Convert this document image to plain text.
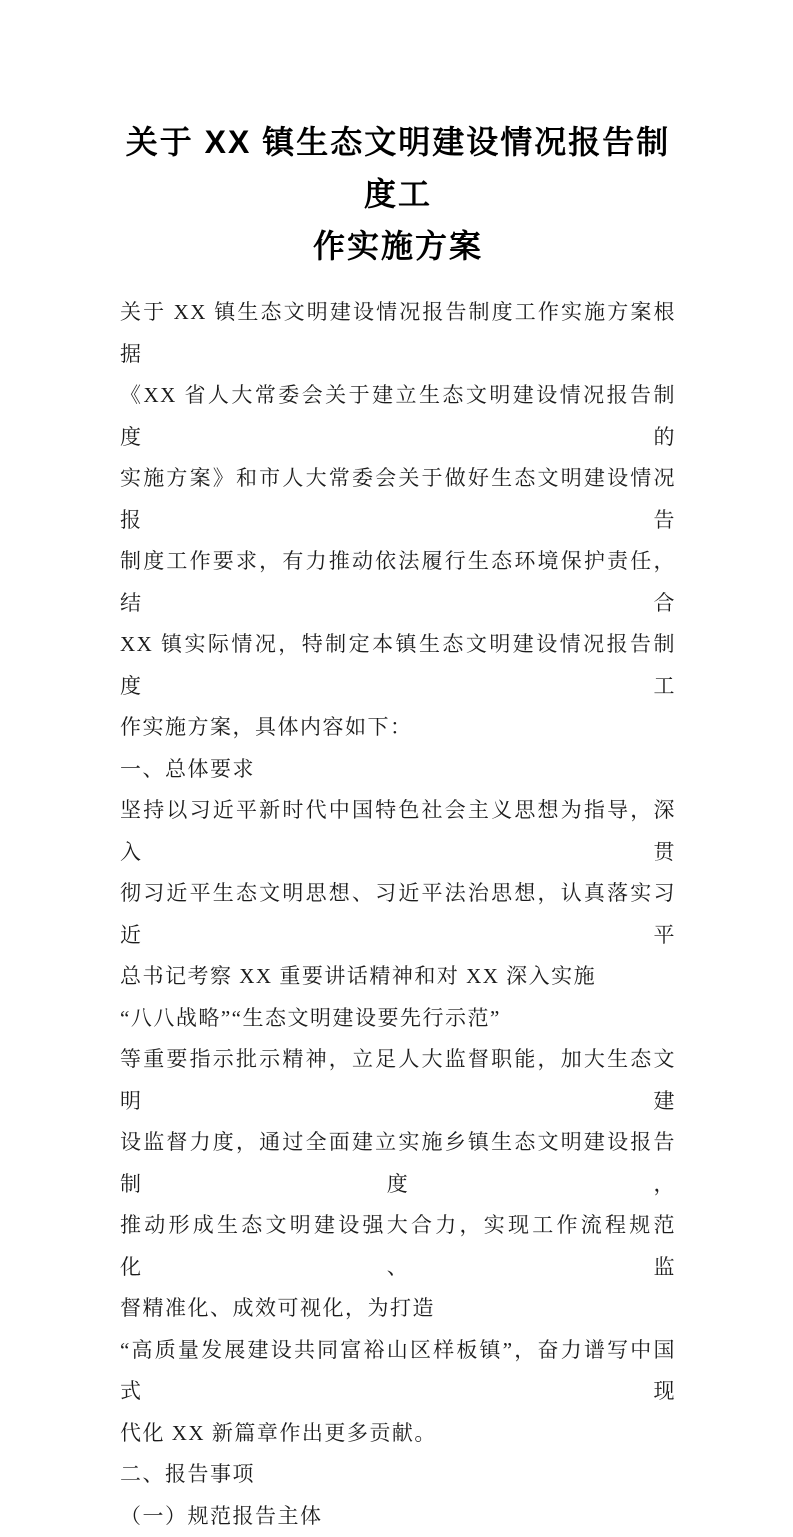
关于 XX 镇生态文明建设情况报告制度工
作实施方案
关于 XX 镇生态文明建设情况报告制度工作实施方案根据
《XX 省人大常委会关于建立生态文明建设情况报告制度的
实施方案》和市人大常委会关于做好生态文明建设情况报告
制度工作要求，有力推动依法履行生态环境保护责任，结合
XX 镇实际情况，特制定本镇生态文明建设情况报告制度工
作实施方案，具体内容如下：
一、总体要求
坚持以习近平新时代中国特色社会主义思想为指导，深入贯
彻习近平生态文明思想、习近平法治思想，认真落实习近平
总书记考察 XX 重要讲话精神和对 XX 深入实施
“八八战略”“生态文明建设要先行示范”
等重要指示批示精神，立足人大监督职能，加大生态文明建
设监督力度，通过全面建立实施乡镇生态文明建设报告制度，
推动形成生态文明建设强大合力，实现工作流程规范化、监
督精准化、成效可视化，为打造
“高质量发展建设共同富裕山区样板镇”，奋力谱写中国式现
代化 XX 新篇章作出更多贡献。
二、报告事项
（一）规范报告主体
